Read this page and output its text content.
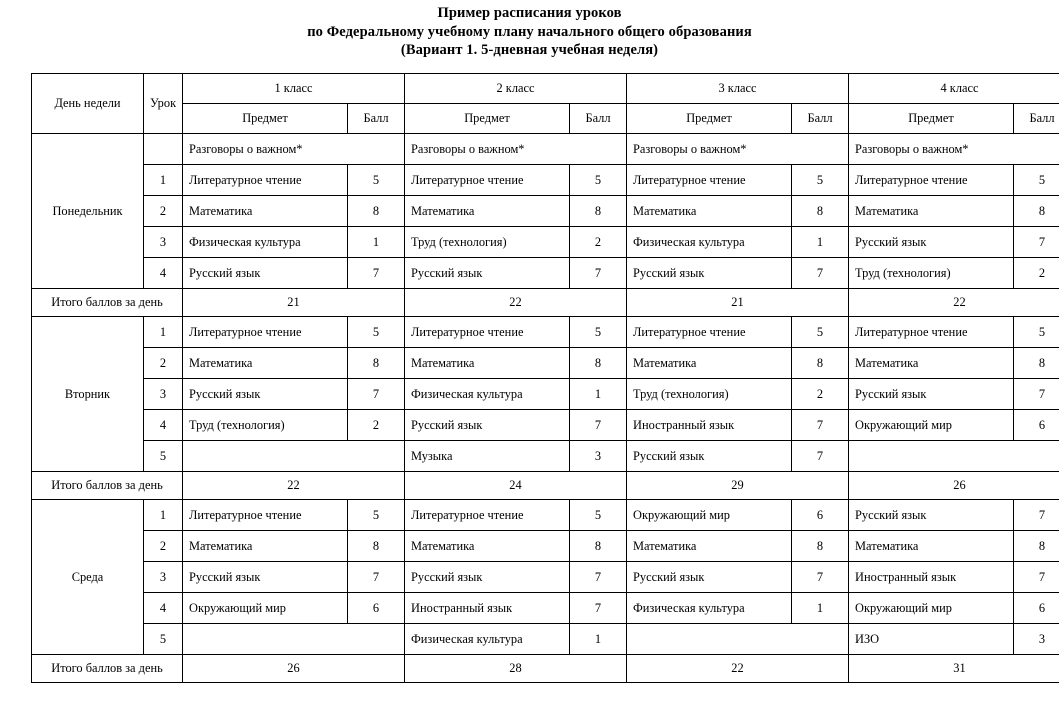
Пример расписания уроков
по Федеральному учебному плану начального общего образования
(Вариант 1. 5-дневная учебная неделя)
День недели	Урок	1 класс		2 класс		3 класс		4 класс	
		Предмет	Балл	Предмет	Балл	Предмет	Балл	Предмет	Балл
Понедельник		Разговоры о важном*		Разговоры о важном*		Разговоры о важном*		Разговоры о важном*	
	1	Литературное чтение	5	Литературное чтение	5	Литературное чтение	5	Литературное чтение	5
	2	Математика	8	Математика	8	Математика	8	Математика	8
	3	Физическая культура	1	Труд (технология)	2	Физическая культура	1	Русский язык	7
	4	Русский язык	7	Русский язык	7	Русский язык	7	Труд (технология)	2
Итого баллов за день		21		22		21		22	
Вторник	1	Литературное чтение	5	Литературное чтение	5	Литературное чтение	5	Литературное чтение	5
	2	Математика	8	Математика	8	Математика	8	Математика	8
	3	Русский язык	7	Физическая культура	1	Труд (технология)	2	Русский язык	7
	4	Труд (технология)	2	Русский язык	7	Иностранный язык	7	Окружающий мир	6
	5			Музыка	3	Русский язык	7		
Итого баллов за день		22		24		29		26	
Среда	1	Литературное чтение	5	Литературное чтение	5	Окружающий мир	6	Русский язык	7
	2	Математика	8	Математика	8	Математика	8	Математика	8
	3	Русский язык	7	Русский язык	7	Русский язык	7	Иностранный язык	7
	4	Окружающий мир	6	Иностранный язык	7	Физическая культура	1	Окружающий мир	6
	5			Физическая культура	1			ИЗО	3
Итого баллов за день		26		28		22		31	
